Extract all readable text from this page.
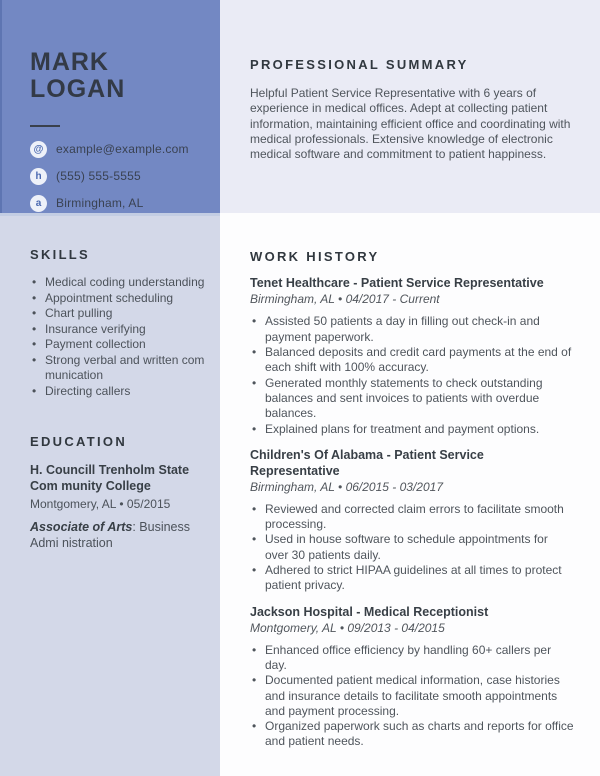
MARK
LOGAN
@	example@example.com
h	(555) 555-5555
a	Birmingham, AL
SKILLS
• Medical coding understanding
• Appointment scheduling
• Chart pulling
• Insurance verifying
• Payment collection
• Strong verbal and written com munication
• Directing callers
EDUCATION

H. Councill Trenholm State Com munity College

Montgomery, AL • 05/2015

Associate of Arts: Business Admi nistration

PROFESSIONAL SUMMARY

Helpful Patient Service Representative with 6 years of experience in medical offices. Adept at collecting patient information, maintaining efficient office and coordinating with medical professionals. Extensive knowledge of electronic medical software and commitment to patient happiness.

WORK HISTORY
Tenet Healthcare - Patient Service Representative

Birmingham, AL • 04/2017 - Current

• Assisted 50 patients a day in filling out check-in and payment paperwork.
• Balanced deposits and credit card payments at the end of each shift with 100% accuracy.
• Generated monthly statements to check outstanding balances and sent invoices to patients with overdue balances.
• Explained plans for treatment and payment options.
Children's Of Alabama - Patient Service Representative

Birmingham, AL • 06/2015 - 03/2017

• Reviewed and corrected claim errors to facilitate smooth processing.
• Used in house software to schedule appointments for over 30 patients daily.
• Adhered to strict HIPAA guidelines at all times to protect patient privacy.
Jackson Hospital - Medical Receptionist

Montgomery, AL • 09/2013 - 04/2015

• Enhanced office efficiency by handling 60+ callers per day.
• Documented patient medical information, case histories and insurance details to facilitate smooth appointments and payment processing.
• Organized paperwork such as charts and reports for office and patient needs.
